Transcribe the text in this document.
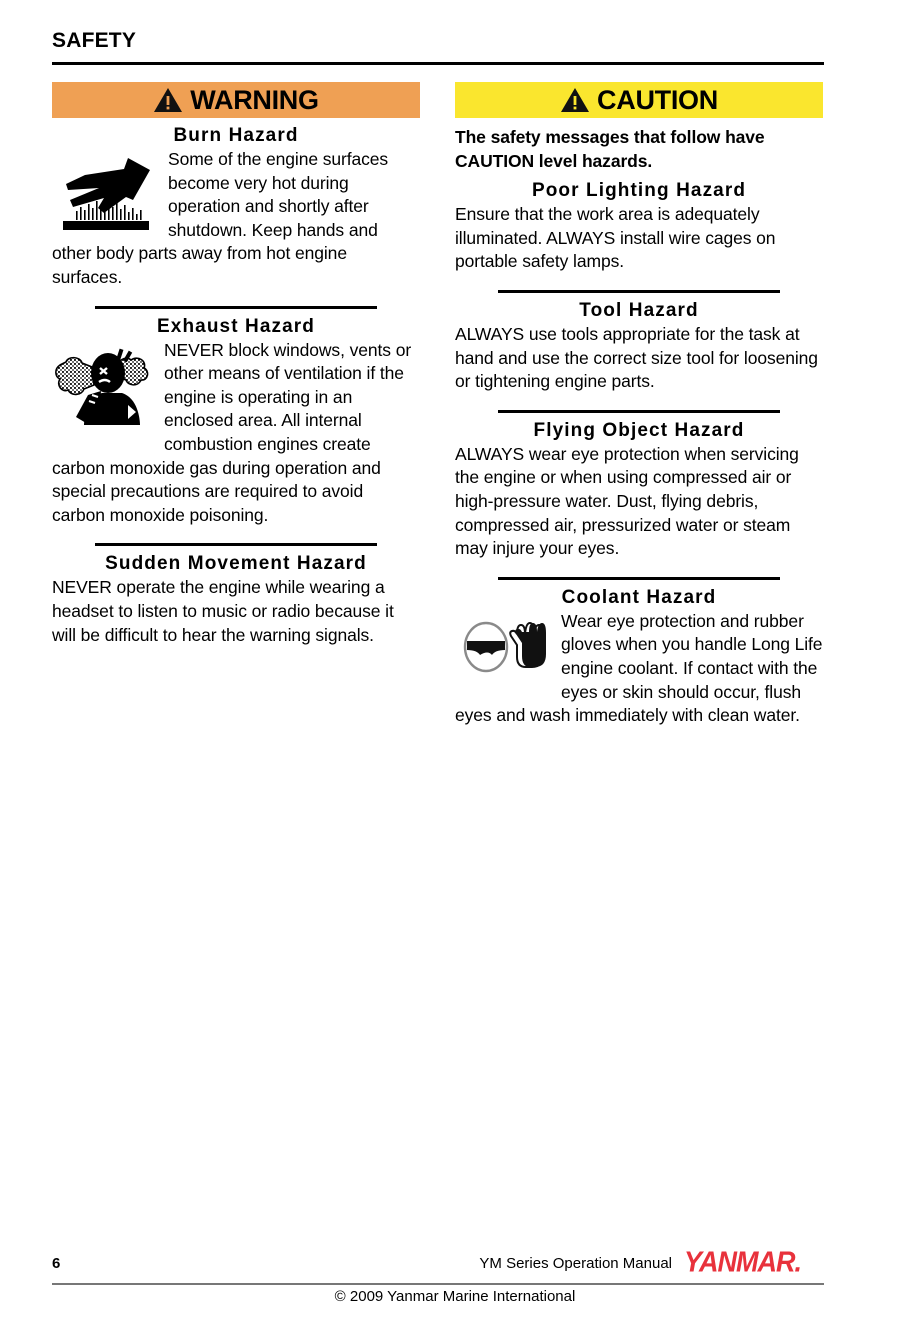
SAFETY
WARNING
Burn Hazard
Some of the engine surfaces become very hot during operation and shortly after shutdown. Keep hands and other body parts away from hot engine surfaces.
Exhaust Hazard
NEVER block windows, vents or other means of ventilation if the engine is operating in an enclosed area. All internal combustion engines create carbon monoxide gas during operation and special precautions are required to avoid carbon monoxide poisoning.
Sudden Movement Hazard
NEVER operate the engine while wearing a headset to listen to music or radio because it will be difficult to hear the warning signals.
CAUTION
The safety messages that follow have CAUTION level hazards.
Poor Lighting Hazard
Ensure that the work area is adequately illuminated. ALWAYS install wire cages on portable safety lamps.
Tool Hazard
ALWAYS use tools appropriate for the task at hand and use the correct size tool for loosening or tightening engine parts.
Flying Object Hazard
ALWAYS wear eye protection when servicing the engine or when using compressed air or high-pressure water. Dust, flying debris, compressed air, pressurized water or steam may injure your eyes.
Coolant Hazard
Wear eye protection and rubber gloves when you handle Long Life engine coolant. If contact with the eyes or skin should occur, flush eyes and wash immediately with clean water.
6	YM Series Operation Manual YANMAR.
© 2009 Yanmar Marine International
